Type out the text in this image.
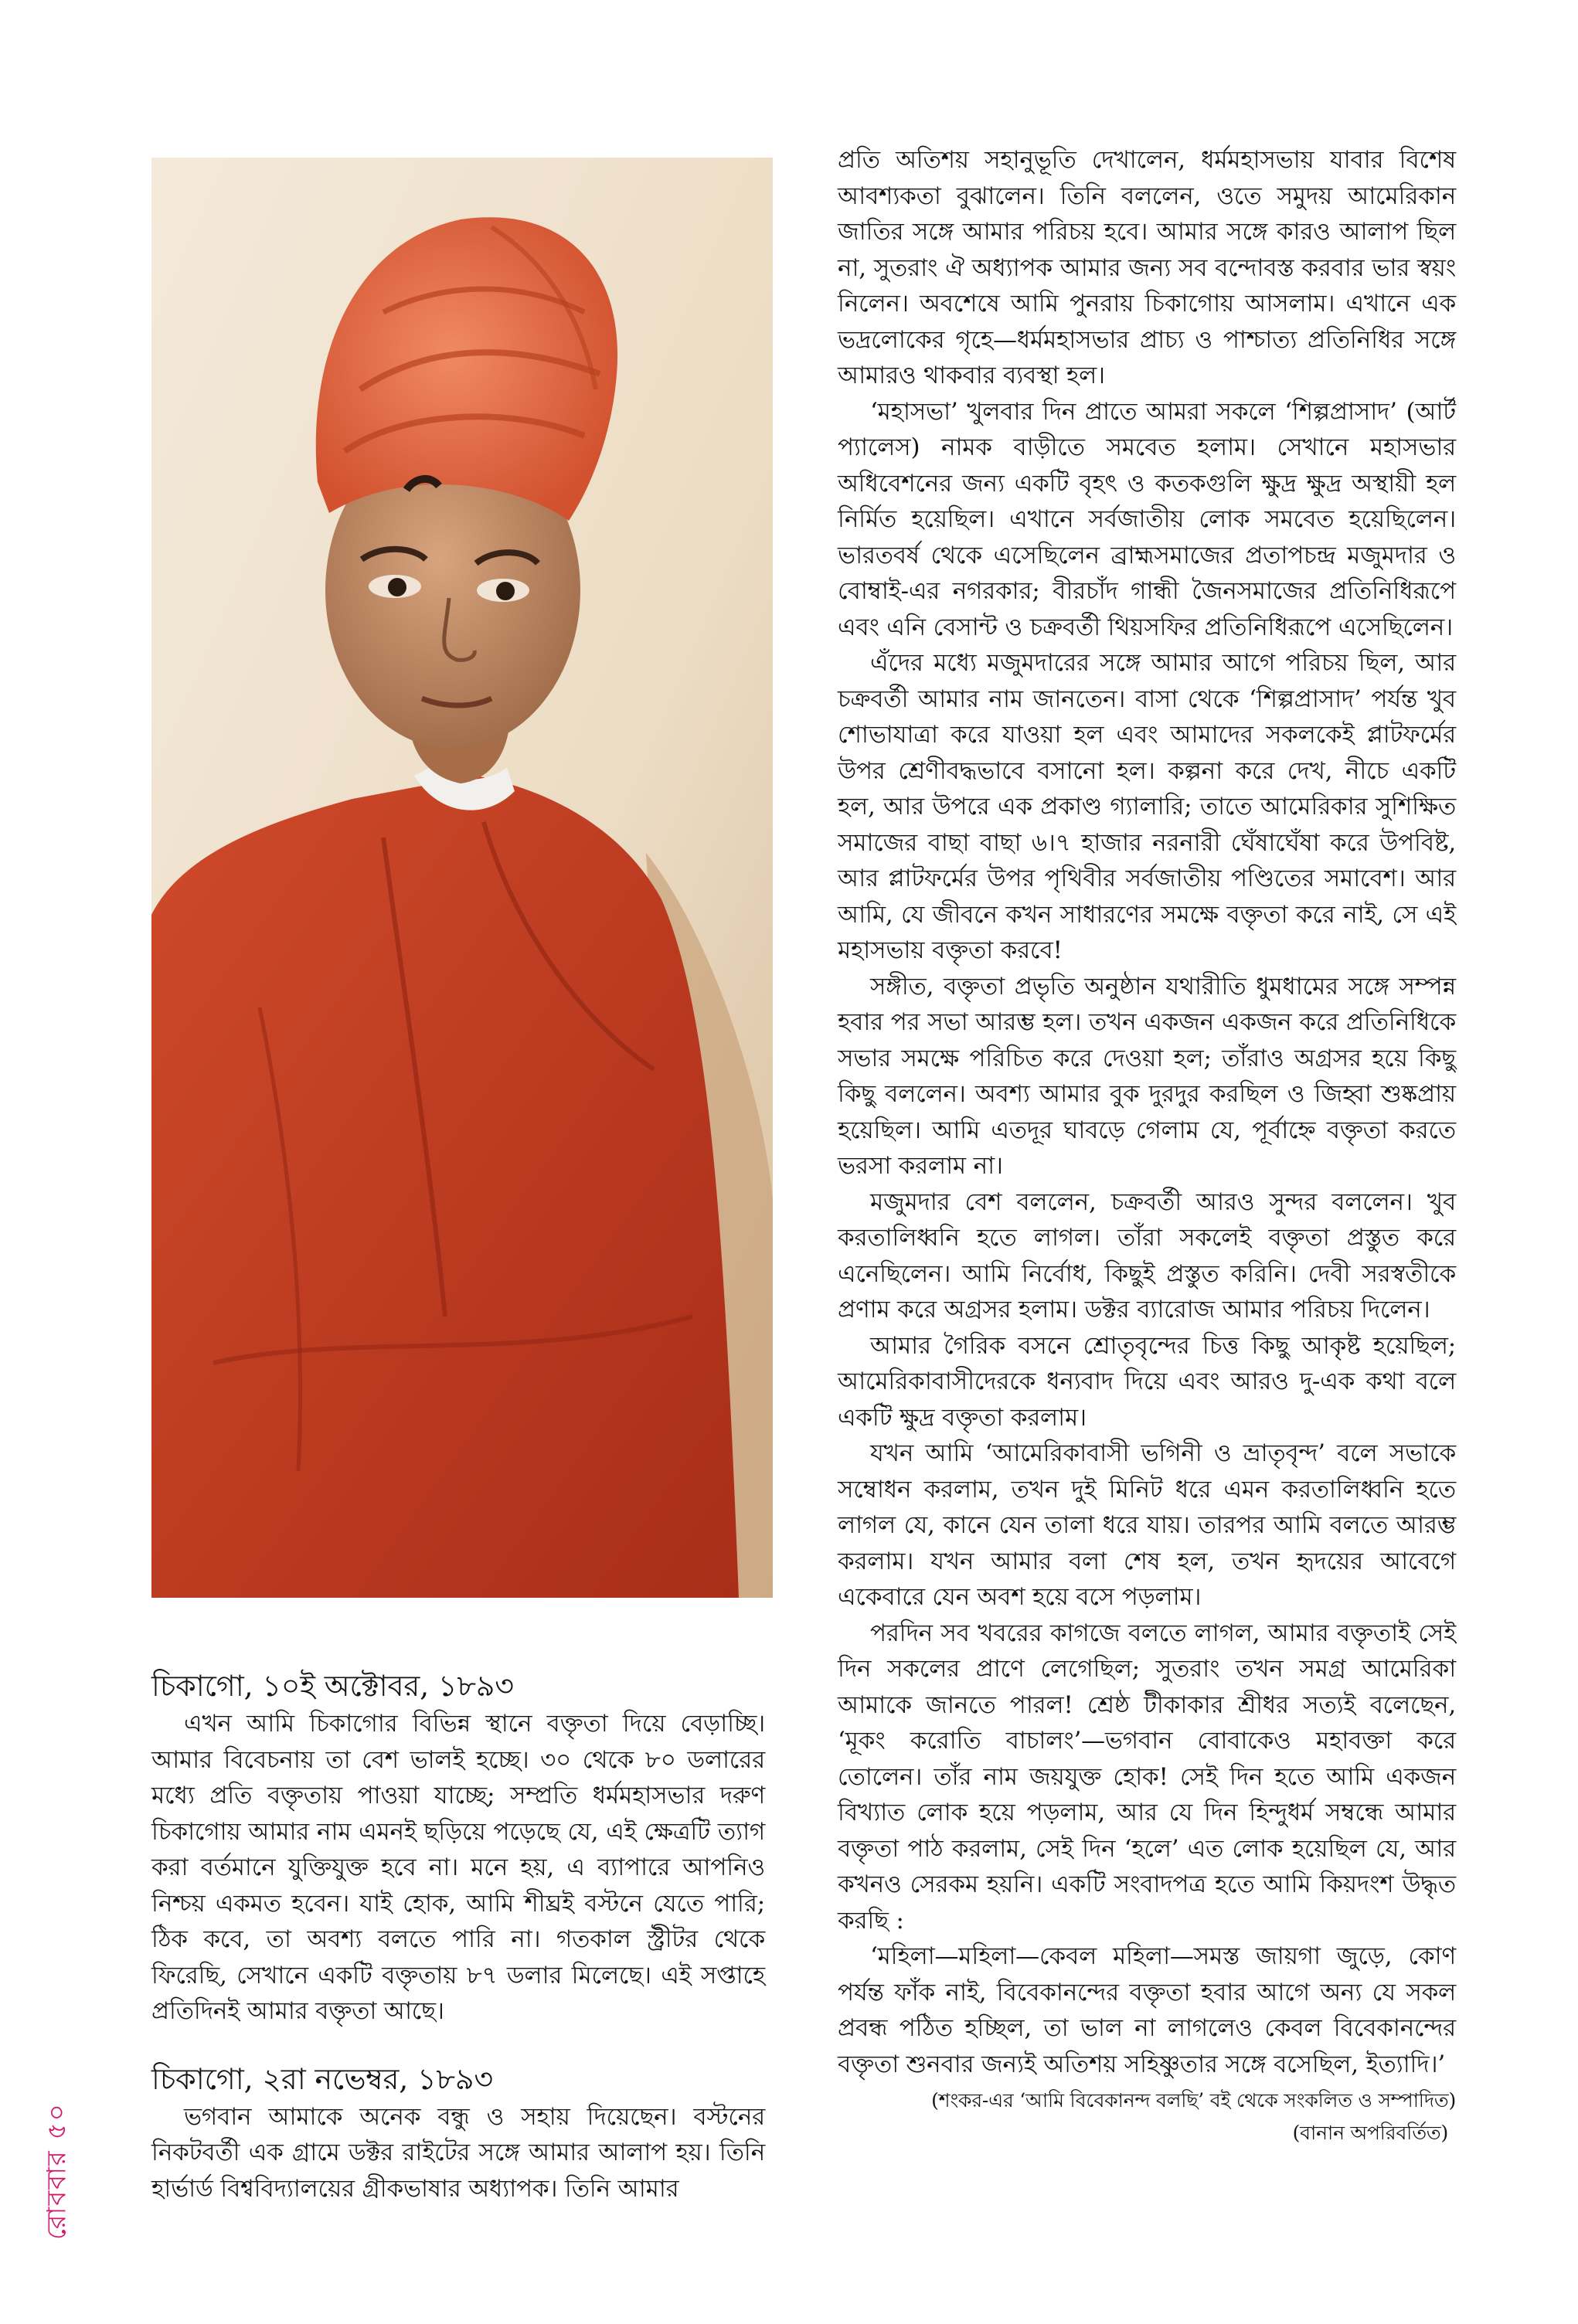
চিকাগো, ১০ই অক্টোবর, ১৮৯৩

এখন আমি চিকাগোর বিভিন্ন স্থানে বক্তৃতা দিয়ে বেড়াচ্ছি। আমার বিবেচনায় তা বেশ ভালই হচ্ছে। ৩০ থেকে ৮০ ডলারের মধ্যে প্রতি বক্তৃতায় পাওয়া যাচ্ছে; সম্প্রতি ধর্মমহাসভার দরুণ চিকাগোয় আমার নাম এমনই ছড়িয়ে পড়েছে যে, এই ক্ষেত্রটি ত্যাগ করা বর্তমানে যুক্তিযুক্ত হবে না। মনে হয়, এ ব্যাপারে আপনিও নিশ্চয় একমত হবেন। যাই হোক, আমি শীঘ্রই বস্টনে যেতে পারি; ঠিক কবে, তা অবশ্য বলতে পারি না। গতকাল স্ট্রীটর থেকে ফিরেছি, সেখানে একটি বক্তৃতায় ৮৭ ডলার মিলেছে। এই সপ্তাহে প্রতিদিনই আমার বক্তৃতা আছে।

চিকাগো, ২রা নভেম্বর, ১৮৯৩

ভগবান আমাকে অনেক বন্ধু ও সহায় দিয়েছেন। বস্টনের নিকটবর্তী এক গ্রামে ডক্টর রাইটের সঙ্গে আমার আলাপ হয়। তিনি হার্ভার্ড বিশ্ববিদ্যালয়ের গ্রীকভাষার অধ্যাপক। তিনি আমার

প্রতি অতিশয় সহানুভূতি দেখালেন, ধর্মমহাসভায় যাবার বিশেষ আবশ্যকতা বুঝালেন। তিনি বললেন, ওতে সমুদয় আমেরিকান জাতির সঙ্গে আমার পরিচয় হবে। আমার সঙ্গে কারও আলাপ ছিল না, সুতরাং ঐ অধ্যাপক আমার জন্য সব বন্দোবস্ত করবার ভার স্বয়ং নিলেন। অবশেষে আমি পুনরায় চিকাগোয় আসলাম। এখানে এক ভদ্রলোকের গৃহে—ধর্মমহাসভার প্রাচ্য ও পাশ্চাত্য প্রতিনিধির সঙ্গে আমারও থাকবার ব্যবস্থা হল।

‘মহাসভা’ খুলবার দিন প্রাতে আমরা সকলে ‘শিল্পপ্রাসাদ’ (আর্ট প্যালেস) নামক বাড়ীতে সমবেত হলাম। সেখানে মহাসভার অধিবেশনের জন্য একটি বৃহৎ ও কতকগুলি ক্ষুদ্র ক্ষুদ্র অস্থায়ী হল নির্মিত হয়েছিল। এখানে সর্বজাতীয় লোক সমবেত হয়েছিলেন। ভারতবর্ষ থেকে এসেছিলেন ব্রাহ্মসমাজের প্রতাপচন্দ্র মজুমদার ও বোম্বাই-এর নগরকার; বীরচাঁদ গান্ধী জৈনসমাজের প্রতিনিধিরূপে এবং এনি বেসান্ট ও চক্রবর্তী থিয়সফির প্রতিনিধিরূপে এসেছিলেন।

এঁদের মধ্যে মজুমদারের সঙ্গে আমার আগে পরিচয় ছিল, আর চক্রবর্তী আমার নাম জানতেন। বাসা থেকে ‘শিল্পপ্রাসাদ’ পর্যন্ত খুব শোভাযাত্রা করে যাওয়া হল এবং আমাদের সকলকেই প্লাটফর্মের উপর শ্রেণীবদ্ধভাবে বসানো হল। কল্পনা করে দেখ, নীচে একটি হল, আর উপরে এক প্রকাণ্ড গ্যালারি; তাতে আমেরিকার সুশিক্ষিত সমাজের বাছা বাছা ৬।৭ হাজার নরনারী ঘেঁষাঘেঁষা করে উপবিষ্ট, আর প্লাটফর্মের উপর পৃথিবীর সর্বজাতীয় পণ্ডিতের সমাবেশ। আর আমি, যে জীবনে কখন সাধারণের সমক্ষে বক্তৃতা করে নাই, সে এই মহাসভায় বক্তৃতা করবে!

সঙ্গীত, বক্তৃতা প্রভৃতি অনুষ্ঠান যথারীতি ধুমধামের সঙ্গে সম্পন্ন হবার পর সভা আরম্ভ হল। তখন একজন একজন করে প্রতিনিধিকে সভার সমক্ষে পরিচিত করে দেওয়া হল; তাঁরাও অগ্রসর হয়ে কিছু কিছু বললেন। অবশ্য আমার বুক দুরদুর করছিল ও জিহ্বা শুষ্কপ্রায় হয়েছিল। আমি এতদূর ঘাবড়ে গেলাম যে, পূর্বাহ্নে বক্তৃতা করতে ভরসা করলাম না।

মজুমদার বেশ বললেন, চক্রবর্তী আরও সুন্দর বললেন। খুব করতালিধ্বনি হতে লাগল। তাঁরা সকলেই বক্তৃতা প্রস্তুত করে এনেছিলেন। আমি নির্বোধ, কিছুই প্রস্তুত করিনি। দেবী সরস্বতীকে প্রণাম করে অগ্রসর হলাম। ডক্টর ব্যারোজ আমার পরিচয় দিলেন।

আমার গৈরিক বসনে শ্রোতৃবৃন্দের চিত্ত কিছু আকৃষ্ট হয়েছিল; আমেরিকাবাসীদেরকে ধন্যবাদ দিয়ে এবং আরও দু-এক কথা বলে একটি ক্ষুদ্র বক্তৃতা করলাম।

যখন আমি ‘আমেরিকাবাসী ভগিনী ও ভ্রাতৃবৃন্দ’ বলে সভাকে সম্বোধন করলাম, তখন দুই মিনিট ধরে এমন করতালিধ্বনি হতে লাগল যে, কানে যেন তালা ধরে যায়। তারপর আমি বলতে আরম্ভ করলাম। যখন আমার বলা শেষ হল, তখন হৃদয়ের আবেগে একেবারে যেন অবশ হয়ে বসে পড়লাম।

পরদিন সব খবরের কাগজে বলতে লাগল, আমার বক্তৃতাই সেই দিন সকলের প্রাণে লেগেছিল; সুতরাং তখন সমগ্র আমেরিকা আমাকে জানতে পারল! শ্রেষ্ঠ টীকাকার শ্রীধর সত্যই বলেছেন, ‘মূকং করোতি বাচালং’—ভগবান বোবাকেও মহাবক্তা করে তোলেন। তাঁর নাম জয়যুক্ত হোক! সেই দিন হতে আমি একজন বিখ্যাত লোক হয়ে পড়লাম, আর যে দিন হিন্দুধর্ম সম্বন্ধে আমার বক্তৃতা পাঠ করলাম, সেই দিন ‘হলে’ এত লোক হয়েছিল যে, আর কখনও সেরকম হয়নি। একটি সংবাদপত্র হতে আমি কিয়দংশ উদ্ধৃত করছি :

‘মহিলা—মহিলা—কেবল মহিলা—সমস্ত জায়গা জুড়ে, কোণ পর্যন্ত ফাঁক নাই, বিবেকানন্দের বক্তৃতা হবার আগে অন্য যে সকল প্রবন্ধ পঠিত হচ্ছিল, তা ভাল না লাগলেও কেবল বিবেকানন্দের বক্তৃতা শুনবার জন্যই অতিশয় সহিষ্ণুতার সঙ্গে বসেছিল, ইত্যাদি।’

(শংকর-এর ‘আমি বিবেকানন্দ বলছি’ বই থেকে সংকলিত ও সম্পাদিত)
(বানান অপরিবর্তিত)
রোববার ৫০
